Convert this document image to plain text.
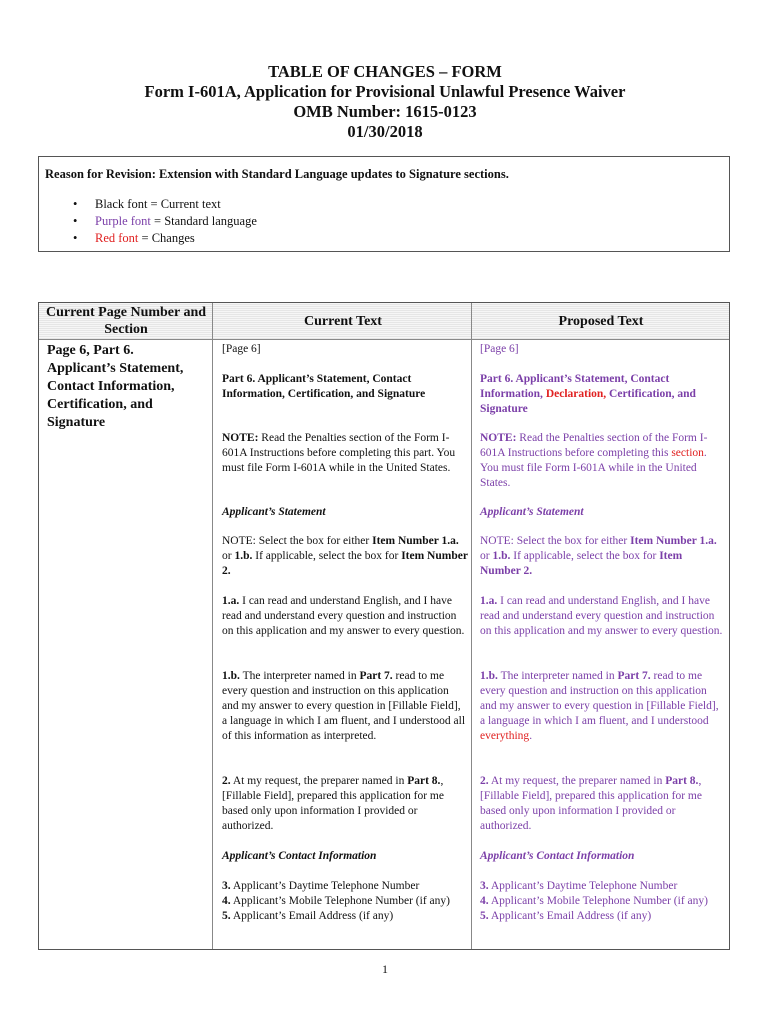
TABLE OF CHANGES – FORM
Form I-601A, Application for Provisional Unlawful Presence Waiver
OMB Number: 1615-0123
01/30/2018
Reason for Revision: Extension with Standard Language updates to Signature sections.
• Black font = Current text
• Purple font = Standard language
• Red font = Changes
Current Page Number and Section
Current Text	Proposed Text
Page 6, Part 6. Applicant’s Statement, Contact Information, Certification, and Signature
[Page 6]
Part 6. Applicant’s Statement, Contact Information, Certification, and Signature
NOTE: Read the Penalties section of the Form I-601A Instructions before completing this part. You must file Form I-601A while in the United States.
Applicant’s Statement
NOTE: Select the box for either Item Number 1.a. or 1.b. If applicable, select the box for Item Number 2.
1.a. I can read and understand English, and I have read and understand every question and instruction on this application and my answer to every question.
1.b. The interpreter named in Part 7. read to me every question and instruction on this application and my answer to every question in [Fillable Field], a language in which I am fluent, and I understood all of this information as interpreted.
2. At my request, the preparer named in Part 8., [Fillable Field], prepared this application for me based only upon information I provided or authorized.
Applicant’s Contact Information
3. Applicant’s Daytime Telephone Number
4. Applicant’s Mobile Telephone Number (if any)
5. Applicant’s Email Address (if any)
[Page 6]
Part 6. Applicant’s Statement, Contact Information, Declaration, Certification, and Signature
NOTE: Read the Penalties section of the Form I-601A Instructions before completing this section. You must file Form I-601A while in the United States.
Applicant’s Statement
NOTE: Select the box for either Item Number 1.a. or 1.b. If applicable, select the box for Item Number 2.
1.a. I can read and understand English, and I have read and understand every question and instruction on this application and my answer to every question.
1.b. The interpreter named in Part 7. read to me every question and instruction on this application and my answer to every question in [Fillable Field], a language in which I am fluent, and I understood everything.
2. At my request, the preparer named in Part 8., [Fillable Field], prepared this application for me based only upon information I provided or authorized.
Applicant’s Contact Information
3. Applicant’s Daytime Telephone Number
4. Applicant’s Mobile Telephone Number (if any)
5. Applicant’s Email Address (if any)
1
